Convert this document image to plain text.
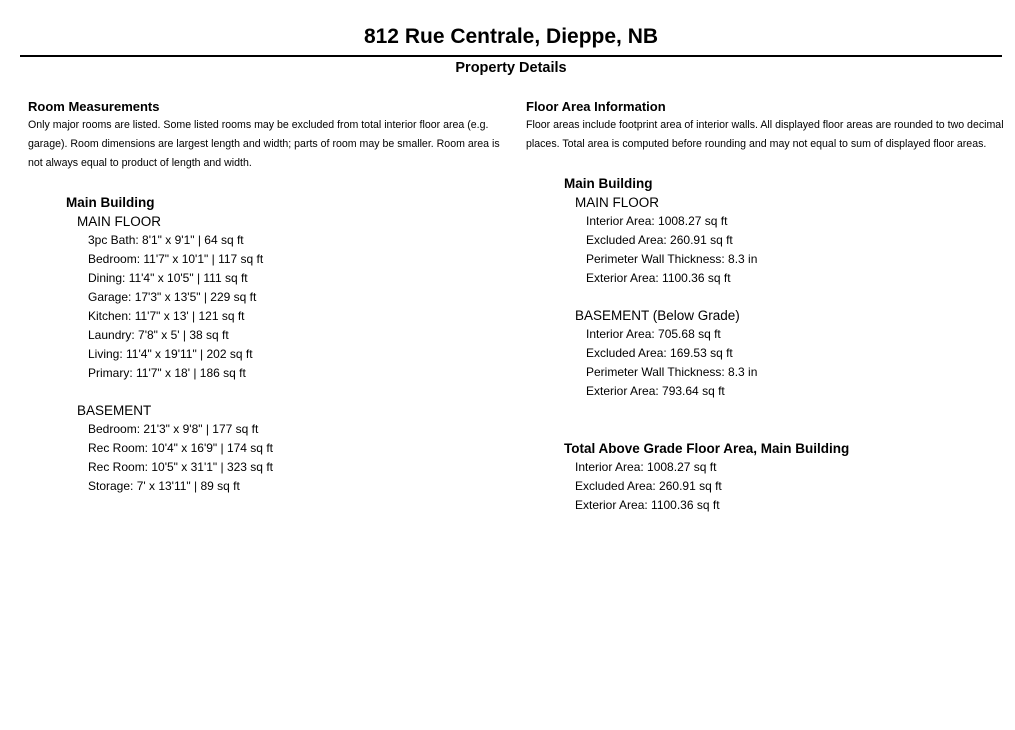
812 Rue Centrale, Dieppe, NB
Property Details
Room Measurements
Only major rooms are listed. Some listed rooms may be excluded from total interior floor area (e.g. garage). Room dimensions are largest length and width; parts of room may be smaller. Room area is not always equal to product of length and width.
Main Building
MAIN FLOOR
3pc Bath: 8'1" x 9'1" | 64 sq ft
Bedroom: 11'7" x 10'1" | 117 sq ft
Dining: 11'4" x 10'5" | 111 sq ft
Garage: 17'3" x 13'5" | 229 sq ft
Kitchen: 11'7" x 13' | 121 sq ft
Laundry: 7'8" x 5' | 38 sq ft
Living: 11'4" x 19'11" | 202 sq ft
Primary: 11'7" x 18' | 186 sq ft
BASEMENT
Bedroom: 21'3" x 9'8" | 177 sq ft
Rec Room: 10'4" x 16'9" | 174 sq ft
Rec Room: 10'5" x 31'1" | 323 sq ft
Storage: 7' x 13'11" | 89 sq ft
Floor Area Information
Floor areas include footprint area of interior walls. All displayed floor areas are rounded to two decimal places. Total area is computed before rounding and may not equal to sum of displayed floor areas.
Main Building
MAIN FLOOR
Interior Area: 1008.27 sq ft
Excluded Area: 260.91 sq ft
Perimeter Wall Thickness: 8.3 in
Exterior Area: 1100.36 sq ft
BASEMENT (Below Grade)
Interior Area: 705.68 sq ft
Excluded Area: 169.53 sq ft
Perimeter Wall Thickness: 8.3 in
Exterior Area: 793.64 sq ft
Total Above Grade Floor Area, Main Building
Interior Area: 1008.27 sq ft
Excluded Area: 260.91 sq ft
Exterior Area: 1100.36 sq ft
